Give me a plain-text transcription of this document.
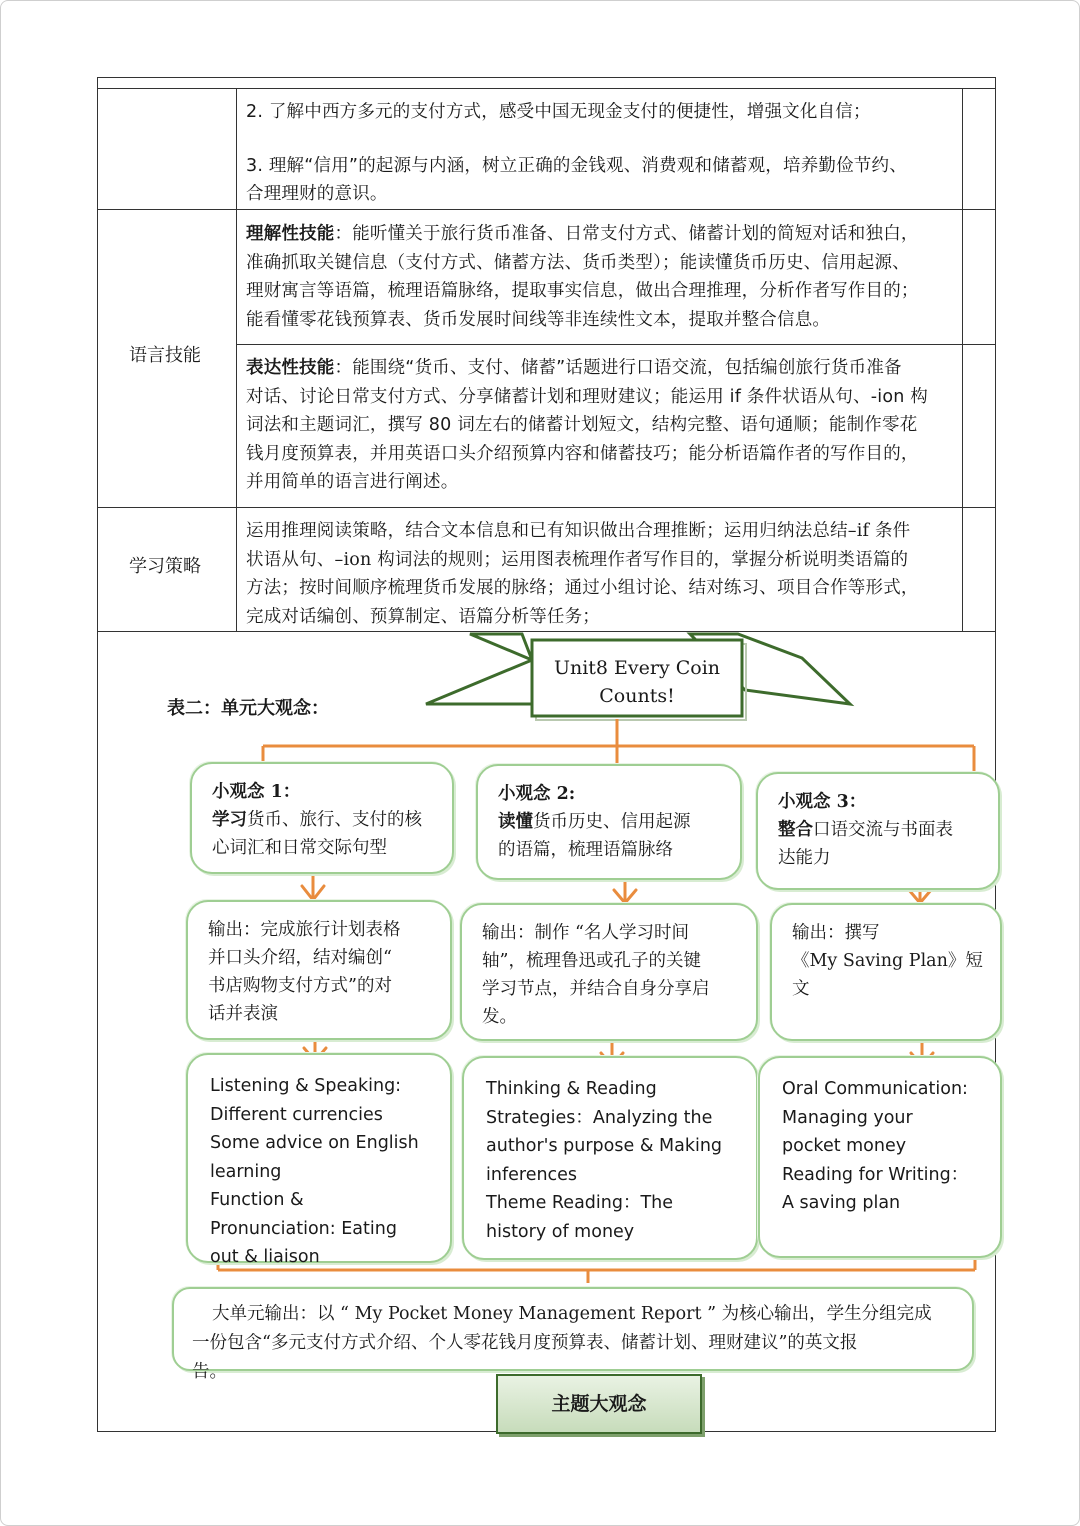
2. 了解中西方多元的支付方式，感受中国无现金支付的便捷性，增强文化自信；
3. 理解“信用”的起源与内涵，树立正确的金钱观、消费观和储蓄观，培养勤俭节约、
合理理财的意识。
语言技能
理解性技能：能听懂关于旅行货币准备、日常支付方式、储蓄计划的简短对话和独白，
准确抓取关键信息（支付方式、储蓄方法、货币类型）；能读懂货币历史、信用起源、
理财寓言等语篇，梳理语篇脉络，提取事实信息，做出合理推理，分析作者写作目的；
能看懂零花钱预算表、货币发展时间线等非连续性文本，提取并整合信息。
表达性技能：能围绕“货币、支付、储蓄”话题进行口语交流，包括编创旅行货币准备
对话、讨论日常支付方式、分享储蓄计划和理财建议；能运用 if 条件状语从句、-ion 构
词法和主题词汇，撰写 80 词左右的储蓄计划短文，结构完整、语句通顺；能制作零花
钱月度预算表，并用英语口头介绍预算内容和储蓄技巧；能分析语篇作者的写作目的，
并用简单的语言进行阐述。
学习策略
运用推理阅读策略，结合文本信息和已有知识做出合理推断；运用归纳法总结–if 条件
状语从句、–ion 构词法的规则；运用图表梳理作者写作目的，掌握分析说明类语篇的
方法；按时间顺序梳理货币发展的脉络；通过小组讨论、结对练习、项目合作等形式，
完成对话编创、预算制定、语篇分析等任务；
Unit8 Every Coin
Counts!
表二：单元大观念：
小观念 1：
学习货币、旅行、支付的核
心词汇和日常交际句型
小观念 2:
读懂货币历史、信用起源
的语篇，梳理语篇脉络
小观念 3：
整合口语交流与书面表
达能力
输出：完成旅行计划表格
并口头介绍，结对编创“
书店购物支付方式”的对
话并表演
输出：制作 “名人学习时间
轴”，梳理鲁迅或孔子的关键
学习节点，并结合自身分享启
发。
输出：撰写
《My Saving Plan》短
文
Listening & Speaking:
Different currencies
Some advice on English
learning
Function &
Pronunciation: Eating
out & liaison
Thinking & Reading
Strategies：Analyzing the
author's purpose & Making
inferences
Theme Reading：The
history of money
Oral Communication:
Managing your
pocket money
Reading for Writing：
A saving plan
大单元输出：以 “ My Pocket Money Management Report ” 为核心输出，学生分组完成
一份包含“多元支付方式介绍、个人零花钱月度预算表、储蓄计划、理财建议”的英文报
告。
主题大观念
